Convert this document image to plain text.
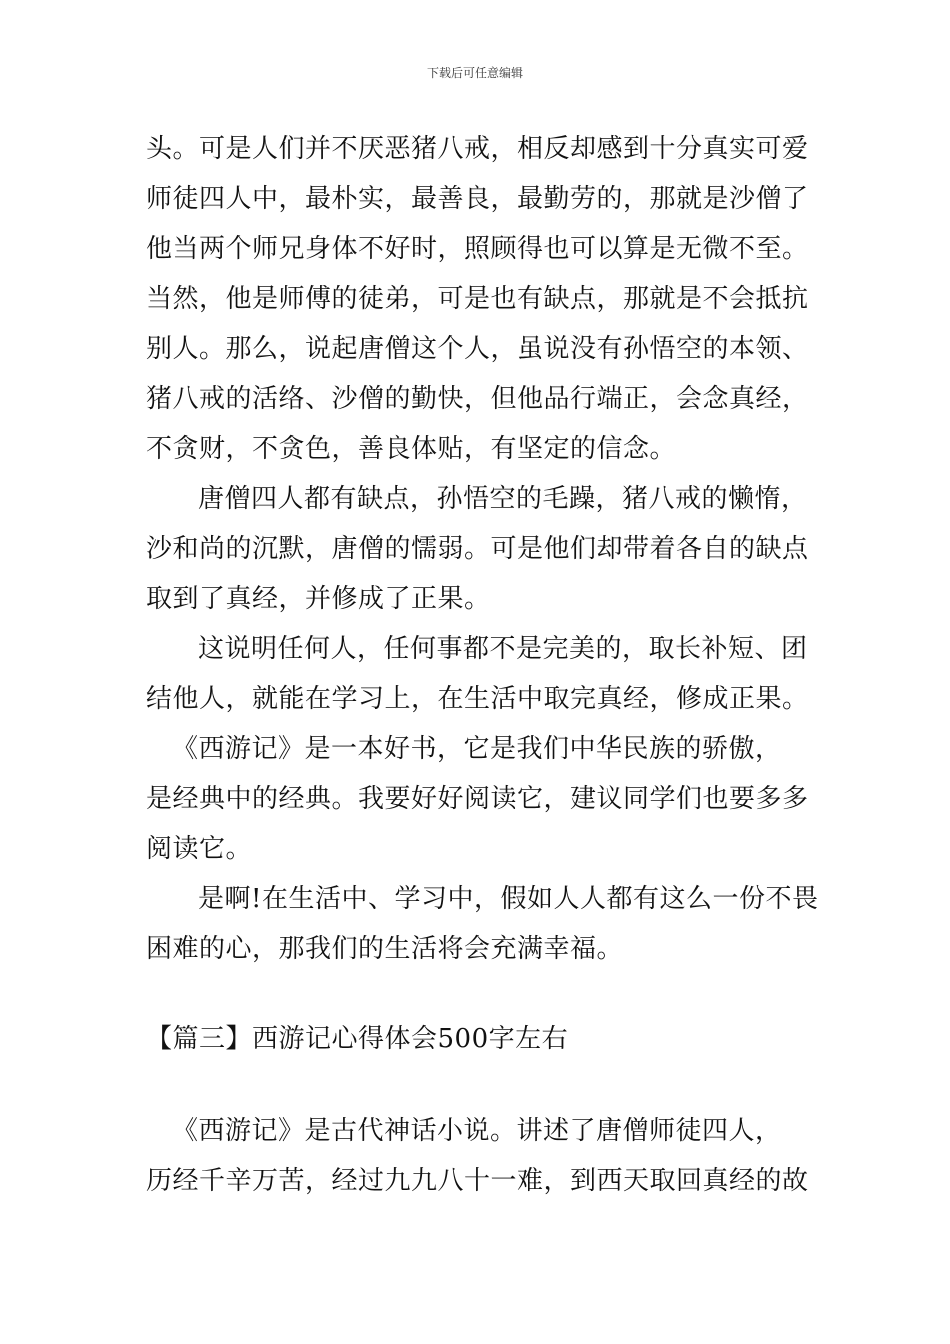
下载后可任意编辑
头。可是人们并不厌恶猪八戒，相反却感到十分真实可爱
师徒四人中，最朴实，最善良，最勤劳的，那就是沙僧了
他当两个师兄身体不好时，照顾得也可以算是无微不至。
当然，他是师傅的徒弟，可是也有缺点，那就是不会抵抗
别人。那么，说起唐僧这个人，虽说没有孙悟空的本领、
猪八戒的活络、沙僧的勤快，但他品行端正，会念真经，
不贪财，不贪色，善良体贴，有坚定的信念。
唐僧四人都有缺点，孙悟空的毛躁，猪八戒的懒惰，
沙和尚的沉默，唐僧的懦弱。可是他们却带着各自的缺点
取到了真经，并修成了正果。
这说明任何人，任何事都不是完美的，取长补短、团
结他人，就能在学习上，在生活中取完真经，修成正果。
《西游记》是一本好书，它是我们中华民族的骄傲，
是经典中的经典。我要好好阅读它，建议同学们也要多多
阅读它。
是啊!在生活中、学习中，假如人人都有这么一份不畏
困难的心，那我们的生活将会充满幸福。
【篇三】西游记心得体会500字左右
《西游记》是古代神话小说。讲述了唐僧师徒四人，
历经千辛万苦，经过九九八十一难，到西天取回真经的故
